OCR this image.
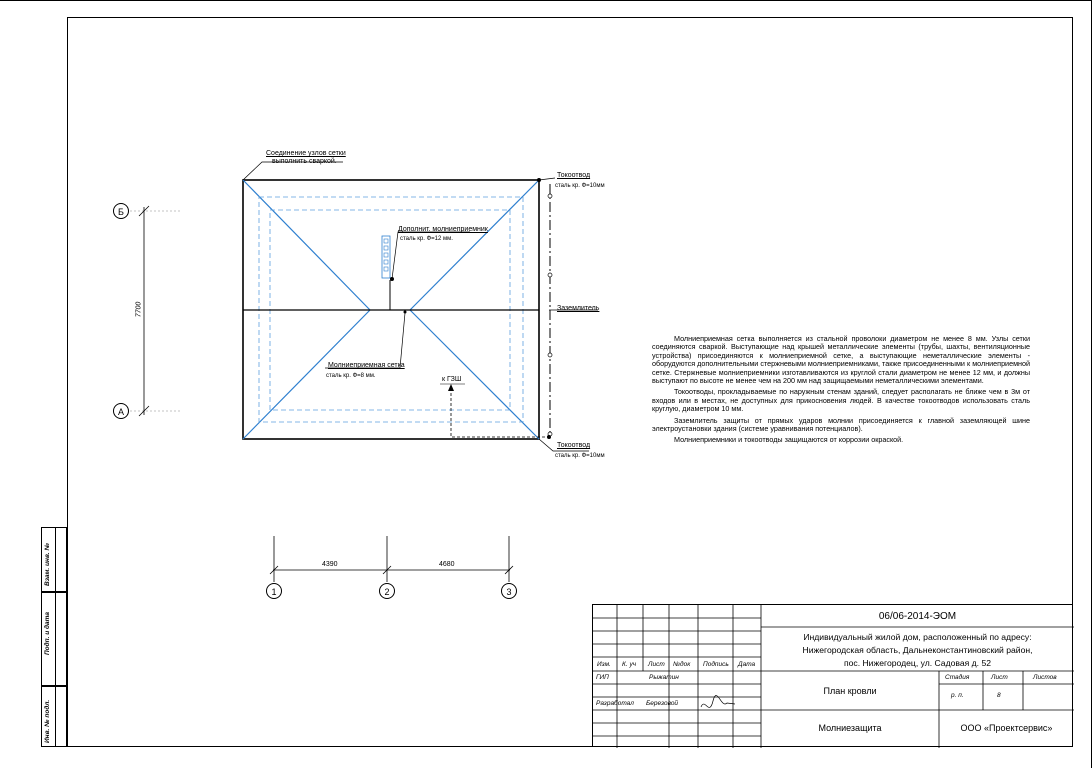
Соединение узлов сетки
выполнить сваркой.
Токоотвод
сталь кр. Ф=10мм
Дополнит. молниеприемник
сталь кр. Ф=12 мм.
Заземлитель
Молниеприемная сетка
сталь кр. Ф=8 мм.	к ГЗШ
Токоотвод
сталь кр. Ф=10мм
Б
А
1	2	3
7700
4390	4680

Молниеприемная сетка выполняется из стальной проволоки диаметром не менее 8 мм. Узлы сетки соединяются сваркой. Выступающие над крышей металлические элементы (трубы, шахты, вентиляционные устройства) присоединяются к молниеприемной сетке, а выступающие неметаллические элементы - оборудуются дополнительными стержневыми молниеприемниками, также присоединенными к молниеприемной сетке. Стержневые молниеприемники изготавливаются из круглой стали диаметром не менее 12 мм, и должны выступают по высоте не менее чем на 200 мм над защищаемыми неметаллическими элементами.

Токоотводы, прокладываемые по наружным стенам зданий, следует располагать не ближе чем в 3м от входов или в местах, не доступных для прикосновения людей. В качестве токоотводов использовать сталь круглую, диаметром 10 мм.

Заземлитель защиты от прямых ударов молнии присоединяется к главной заземляющей шине электроустановки здания (системе уравнивания потенциалов).

Молниеприемники и токоотводы защищаются от коррозии окраской.

Взам. инв. №
Подп. и дата
Инв. № подл.
06/06-2014-ЭОМ
Индивидуальный жилой дом, расположенный по адресу:
Нижегородская область, Дальнеконстантиновский район,
пос. Нижегородец, ул. Садовая д. 52
Изм. К. уч Лист №док Подпись Дата
ГИП	Рыжатин
Разработал Березовой
План кровли
Стадия	Лист	Листов
р. п.	8
Молниезащита	ООО «Проектсервис»
